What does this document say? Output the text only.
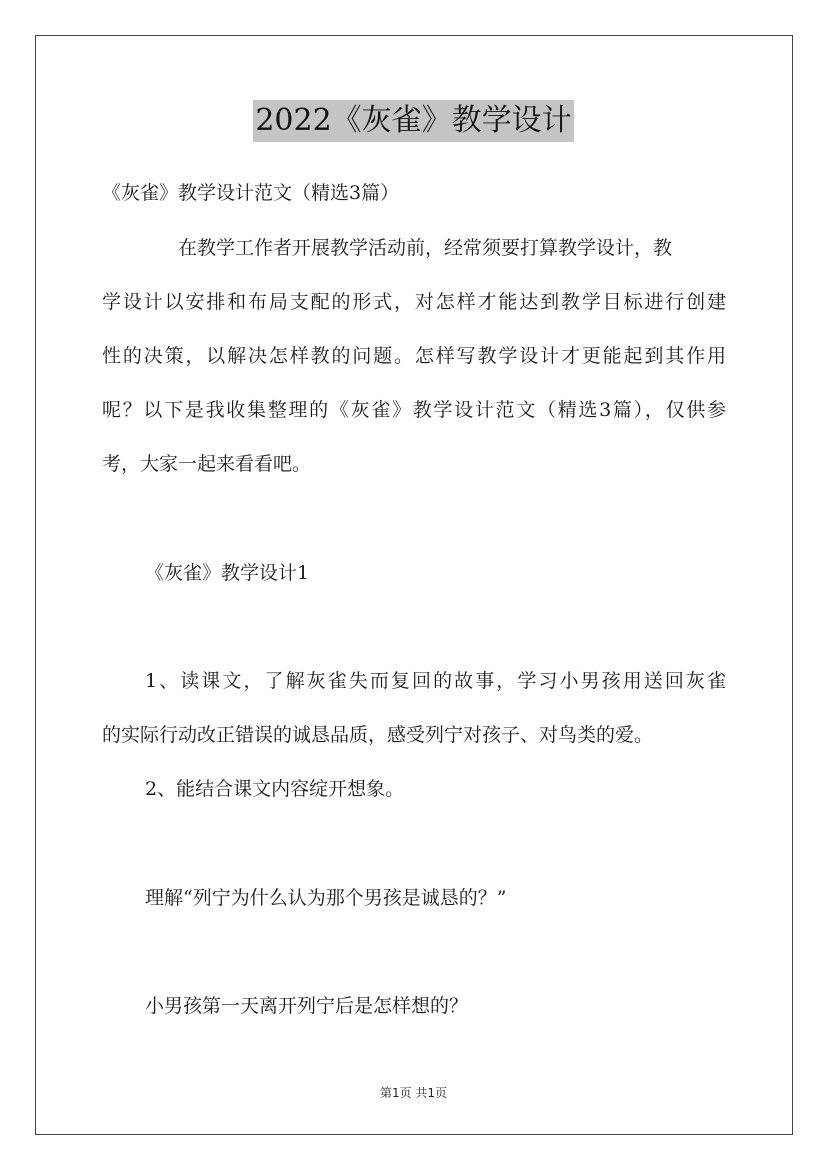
2022《灰雀》教学设计
《灰雀》教学设计范文（精选3篇）
在教学工作者开展教学活动前，经常须要打算教学设计，教
学设计以安排和布局支配的形式，对怎样才能达到教学目标进行创建
性的决策，以解决怎样教的问题。怎样写教学设计才更能起到其作用
呢？以下是我收集整理的《灰雀》教学设计范文（精选3篇），仅供参
考，大家一起来看看吧。
《灰雀》教学设计1
1、读课文，了解灰雀失而复回的故事，学习小男孩用送回灰雀
的实际行动改正错误的诚恳品质，感受列宁对孩子、对鸟类的爱。
2、能结合课文内容绽开想象。
理解“列宁为什么认为那个男孩是诚恳的？”
小男孩第一天离开列宁后是怎样想的？
第1页 共1页
